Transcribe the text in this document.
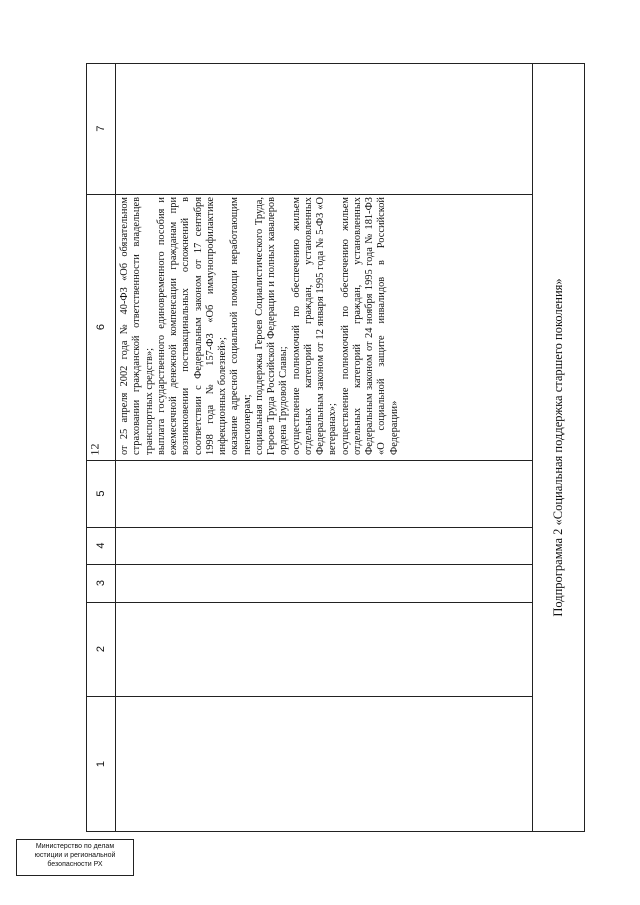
12
Министерство по делам
юстиции и региональной
безопасности РХ
1
2
3
4
5
6
7

от 25 апреля 2002 года № 40-ФЗ «Об обязательном страховании гражданской ответственности владельцев транспортных средств»; выплата государственного единовременного пособия и ежемесячной денежной компенсации гражданам при возникновении поствакцинальных осложнений в соответствии с Федеральным законом от 17 сентября 1998 года № 157-ФЗ «Об иммунопрофилактике инфекционных болезней»; оказание адресной социальной помощи неработающим пенсионерам; социальная поддержка Героев Социалистического Труда, Героев Труда Российской Федерации и полных кавалеров ордена Трудовой Славы; осуществление полномочий по обеспечению жильем отдельных категорий граждан, установленных Федеральным законом от 12 января 1995 года № 5-ФЗ «О ветеранах»; осуществление полномочий по обеспечению жильем отдельных категорий граждан, установленных Федеральным законом от 24 ноября 1995 года № 181-ФЗ «О социальной защите инвалидов в Российской Федерации»	Подпрограмма 2 «Социальная поддержка старшего поколения»
